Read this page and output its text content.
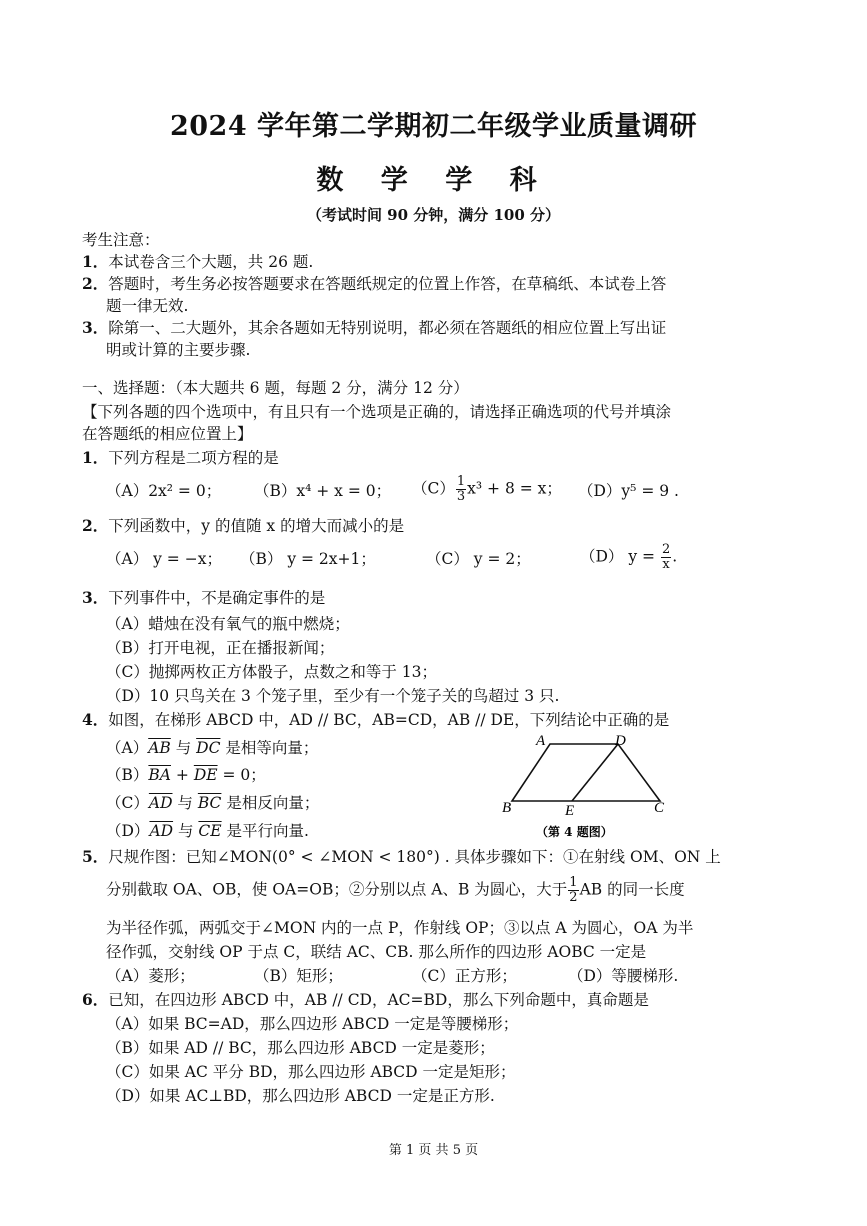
2024 学年第二学期初二年级学业质量调研
数 学 学 科
（考试时间 90 分钟，满分 100 分）
考生注意：
1．本试卷含三个大题，共 26 题.
2．答题时，考生务必按答题要求在答题纸规定的位置上作答，在草稿纸、本试卷上答
题一律无效.
3．除第一、二大题外，其余各题如无特别说明，都必须在答题纸的相应位置上写出证
明或计算的主要步骤.
一、选择题：（本大题共 6 题，每题 2 分，满分 12 分）
【下列各题的四个选项中，有且只有一个选项是正确的，请选择正确选项的代号并填涂
在答题纸的相应位置上】
1．下列方程是二项方程的是
（A）2x² = 0； （B）x⁴ + x = 0； $(C) \frac{1}{3} x^3 + 8 = x$； （D）y⁵ = 9 .
2．下列函数中，y 的值随 x 的增大而减小的是
（A） y = −x； （B） y = 2x+1；	（C） y = 2；	（D） $y = \frac{2}{x}$ .
3．下列事件中，不是确定事件的是
（A）蜡烛在没有氧气的瓶中燃烧；
（B）打开电视，正在播报新闻；
（C）抛掷两枚正方体骰子，点数之和等于 13；
（D）10 只鸟关在 3 个笼子里，至少有一个笼子关的鸟超过 3 只.
4．如图，在梯形 ABCD 中，AD // BC，AB=CD，AB // DE，下列结论中正确的是
$(A)\overline{AB}$ 与 $\overline{DC}$ 是相等向量；
$(B)\overline{BA} + \overline{DE} = 0$；
$(C)\overline{AD}$ 与 $\overline{BC}$ 是相反向量；
$(D)\overline{AD}$ 与 $\overline{CE}$ 是平行向量.
A	D
B	E	C
（第 4 题图）
5．尺规作图：已知∠MON(0° < ∠MON < 180°) . 具体步骤如下：①在射线 OM、ON 上
分别截取 OA、OB，使 OA=OB；②分别以点 A、B 为圆心，大于 $\frac{1}{2}$ AB 的同一长度
为半径作弧，两弧交于∠MON 内的一点 P，作射线 OP；③以点 A 为圆心，OA 为半
径作弧，交射线 OP 于点 C，联结 AC、CB. 那么所作的四边形 AOBC 一定是
（A）菱形；	（B）矩形；	（C）正方形；	（D）等腰梯形.
6．已知，在四边形 ABCD 中，AB // CD，AC=BD，那么下列命题中，真命题是
（A）如果 BC=AD，那么四边形 ABCD 一定是等腰梯形；
（B）如果 AD // BC，那么四边形 ABCD 一定是菱形；
（C）如果 AC 平分 BD，那么四边形 ABCD 一定是矩形；
（D）如果 AC⊥BD，那么四边形 ABCD 一定是正方形.
第 1 页 共 5 页
